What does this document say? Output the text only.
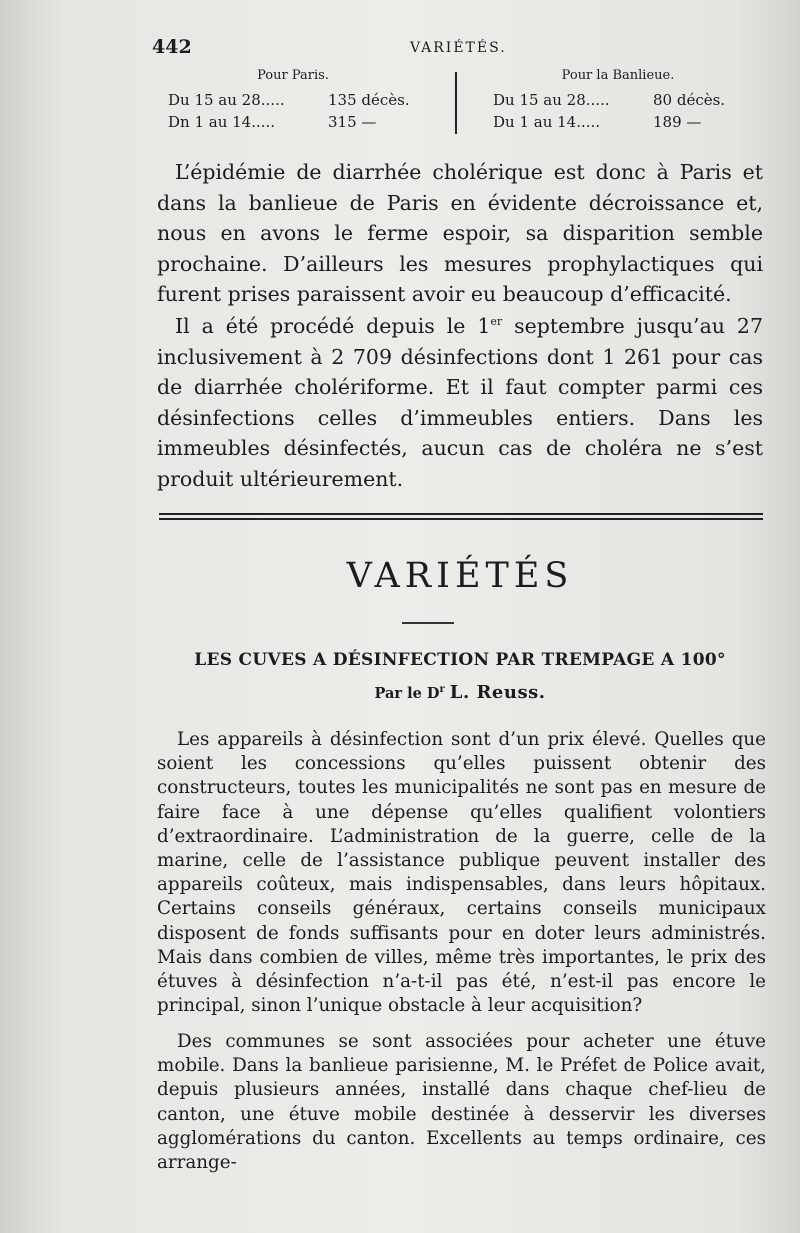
442	VARIÉTÉS.
Pour Paris.
Du 15 au 28.....	135 décès.
Dn 1 au 14.....	315 —
Pour la Banlieue.
Du 15 au 28.....	80 décès.
Du 1 au 14.....	189 —

L’épidémie de diarrhée cholérique est donc à Paris et dans la banlieue de Paris en évidente décroissance et, nous en avons le ferme espoir, sa disparition semble prochaine. D’ailleurs les mesures prophylactiques qui furent prises paraissent avoir eu beaucoup d’efficacité.

Il a été procédé depuis le 1er septembre jusqu’au 27 inclusivement à 2 709 désinfections dont 1 261 pour cas de diarrhée cholériforme. Et il faut compter parmi ces désinfections celles d’immeubles entiers. Dans les immeubles désinfectés, aucun cas de choléra ne s’est produit ultérieurement.

VARIÉTÉS
LES CUVES A DÉSINFECTION PAR TREMPAGE A 100°
Par le $D^r$ L. Reuss.

Les appareils à désinfection sont d’un prix élevé. Quelles que soient les concessions qu’elles puissent obtenir des constructeurs, toutes les municipalités ne sont pas en mesure de faire face à une dépense qu’elles qualifient volontiers d’extraordinaire. L’administration de la guerre, celle de la marine, celle de l’assistance publique peuvent installer des appareils coûteux, mais indispensables, dans leurs hôpitaux. Certains conseils généraux, certains conseils municipaux disposent de fonds suffisants pour en doter leurs administrés. Mais dans combien de villes, même très importantes, le prix des étuves à désinfection n’a-t-il pas été, n’est-il pas encore le principal, sinon l’unique obstacle à leur acquisition?

Des communes se sont associées pour acheter une étuve mobile. Dans la banlieue parisienne, M. le Préfet de Police avait, depuis plusieurs années, installé dans chaque chef-lieu de canton, une étuve mobile destinée à desservir les diverses agglomérations du canton. Excellents au temps ordinaire, ces arrange-
